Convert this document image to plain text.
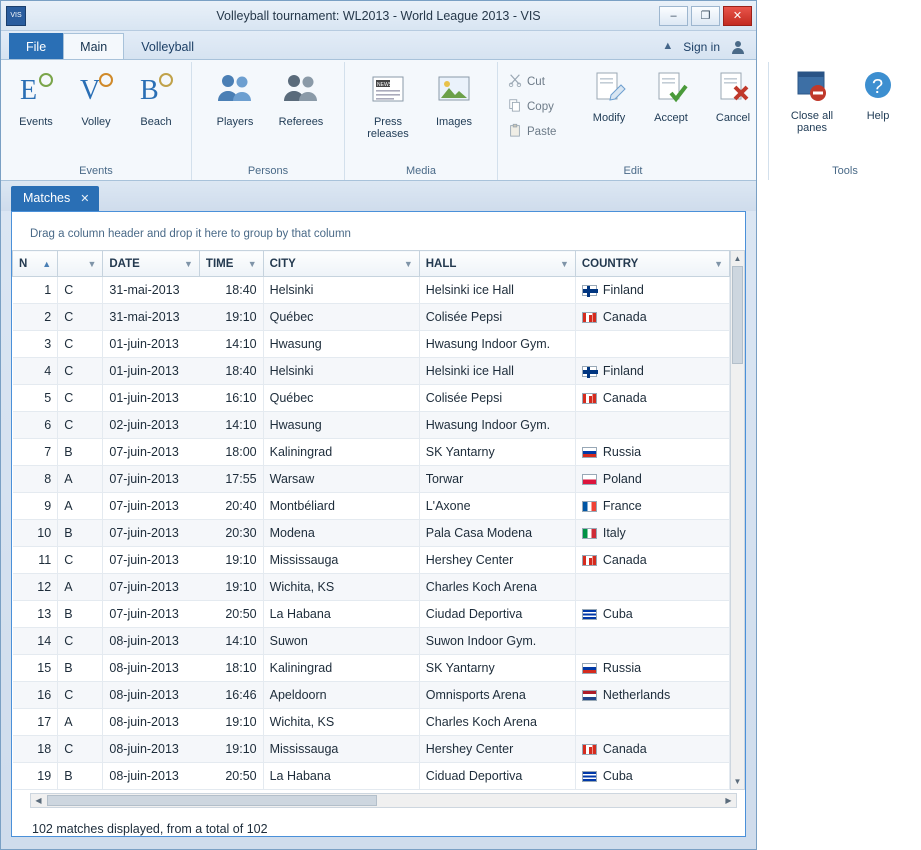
VIS	Volleyball tournament: WL2013 - World League 2013 - VIS	–	❐	✕
File	Main	Volleyball	▲ Sign in
E
Events
V
Volley
B
Beach
Events
Players Referees
Persons
NEWS
Press releases
Images
Media
Cut
Copy
Paste
Modify	Accept	Cancel
Edit
Close all panes
?
Help
Tools
Matches ✕
Drag a column header and drop it here to group by that column
N ▲	▼	DATE ▼	TIME ▼	CITY ▼	HALL ▼	COUNTRY ▼

1	C	31-mai-2013	18:40	Helsinki	Helsinki ice Hall	Finland

2	C	31-mai-2013	19:10	Québec	Colisée Pepsi	Canada

3	C	01-juin-2013	14:10	Hwasung	Hwasung Indoor Gym.	

4	C	01-juin-2013	18:40	Helsinki	Helsinki ice Hall	Finland

5	C	01-juin-2013	16:10	Québec	Colisée Pepsi	Canada

6	C	02-juin-2013	14:10	Hwasung	Hwasung Indoor Gym.	

7	B	07-juin-2013	18:00	Kaliningrad	SK Yantarny	Russia

8	A	07-juin-2013	17:55	Warsaw	Torwar	Poland

9	A	07-juin-2013	20:40	Montbéliard	L'Axone	France

10	B	07-juin-2013	20:30	Modena	Pala Casa Modena	Italy

11	C	07-juin-2013	19:10	Mississauga	Hershey Center	Canada

12	A	07-juin-2013	19:10	Wichita, KS	Charles Koch Arena	

13	B	07-juin-2013	20:50	La Habana	Ciudad Deportiva	Cuba

14	C	08-juin-2013	14:10	Suwon	Suwon Indoor Gym.	

15	B	08-juin-2013	18:10	Kaliningrad	SK Yantarny	Russia

16	C	08-juin-2013	16:46	Apeldoorn	Omnisports Arena	Netherlands

17	A	08-juin-2013	19:10	Wichita, KS	Charles Koch Arena	

18	C	08-juin-2013	19:10	Mississauga	Hershey Center	Canada

19	B	08-juin-2013	20:50	La Habana	Ciduad Deportiva	Cuba
▲
▼
◀	▶
102 matches displayed, from a total of 102
